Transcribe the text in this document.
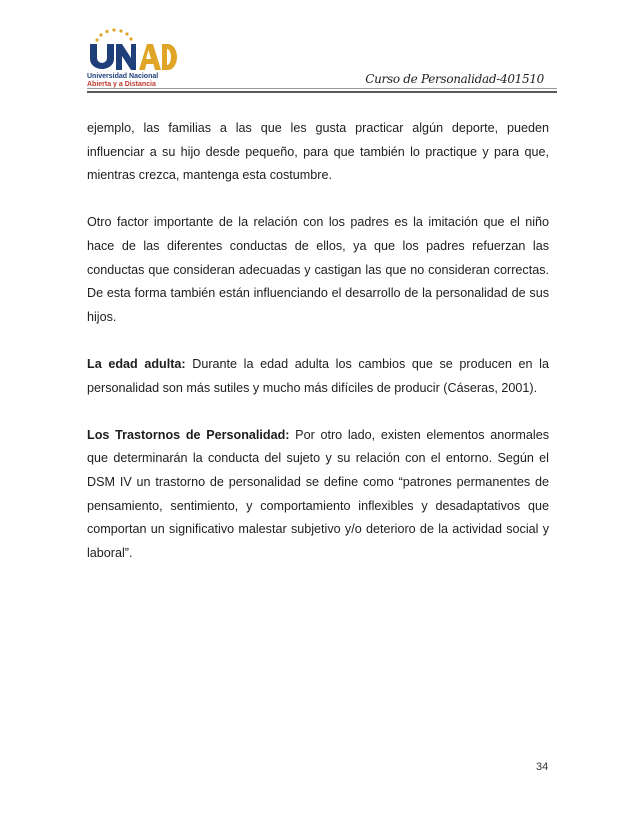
Universidad Nacional
Abierta y a Distancia	Curso de Personalidad-401510

ejemplo, las familias a las que les gusta practicar algún deporte, pueden influenciar a su hijo desde pequeño, para que también lo practique y para que, mientras crezca, mantenga esta costumbre.

Otro factor importante de la relación con los padres es la imitación que el niño hace de las diferentes conductas de ellos, ya que los padres refuerzan las conductas que consideran adecuadas y castigan las que no consideran correctas. De esta forma también están influenciando el desarrollo de la personalidad de sus hijos.

La edad adulta: Durante la edad adulta los cambios que se producen en la personalidad son más sutiles y mucho más difíciles de producir (Cáseras, 2001).

Los Trastornos de Personalidad: Por otro lado, existen elementos anormales que determinarán la conducta del sujeto y su relación con el entorno. Según el DSM IV un trastorno de personalidad se define como “patrones permanentes de pensamiento, sentimiento, y comportamiento inflexibles y desadaptativos que comportan un significativo malestar subjetivo y/o deterioro de la actividad social y laboral”.

34
